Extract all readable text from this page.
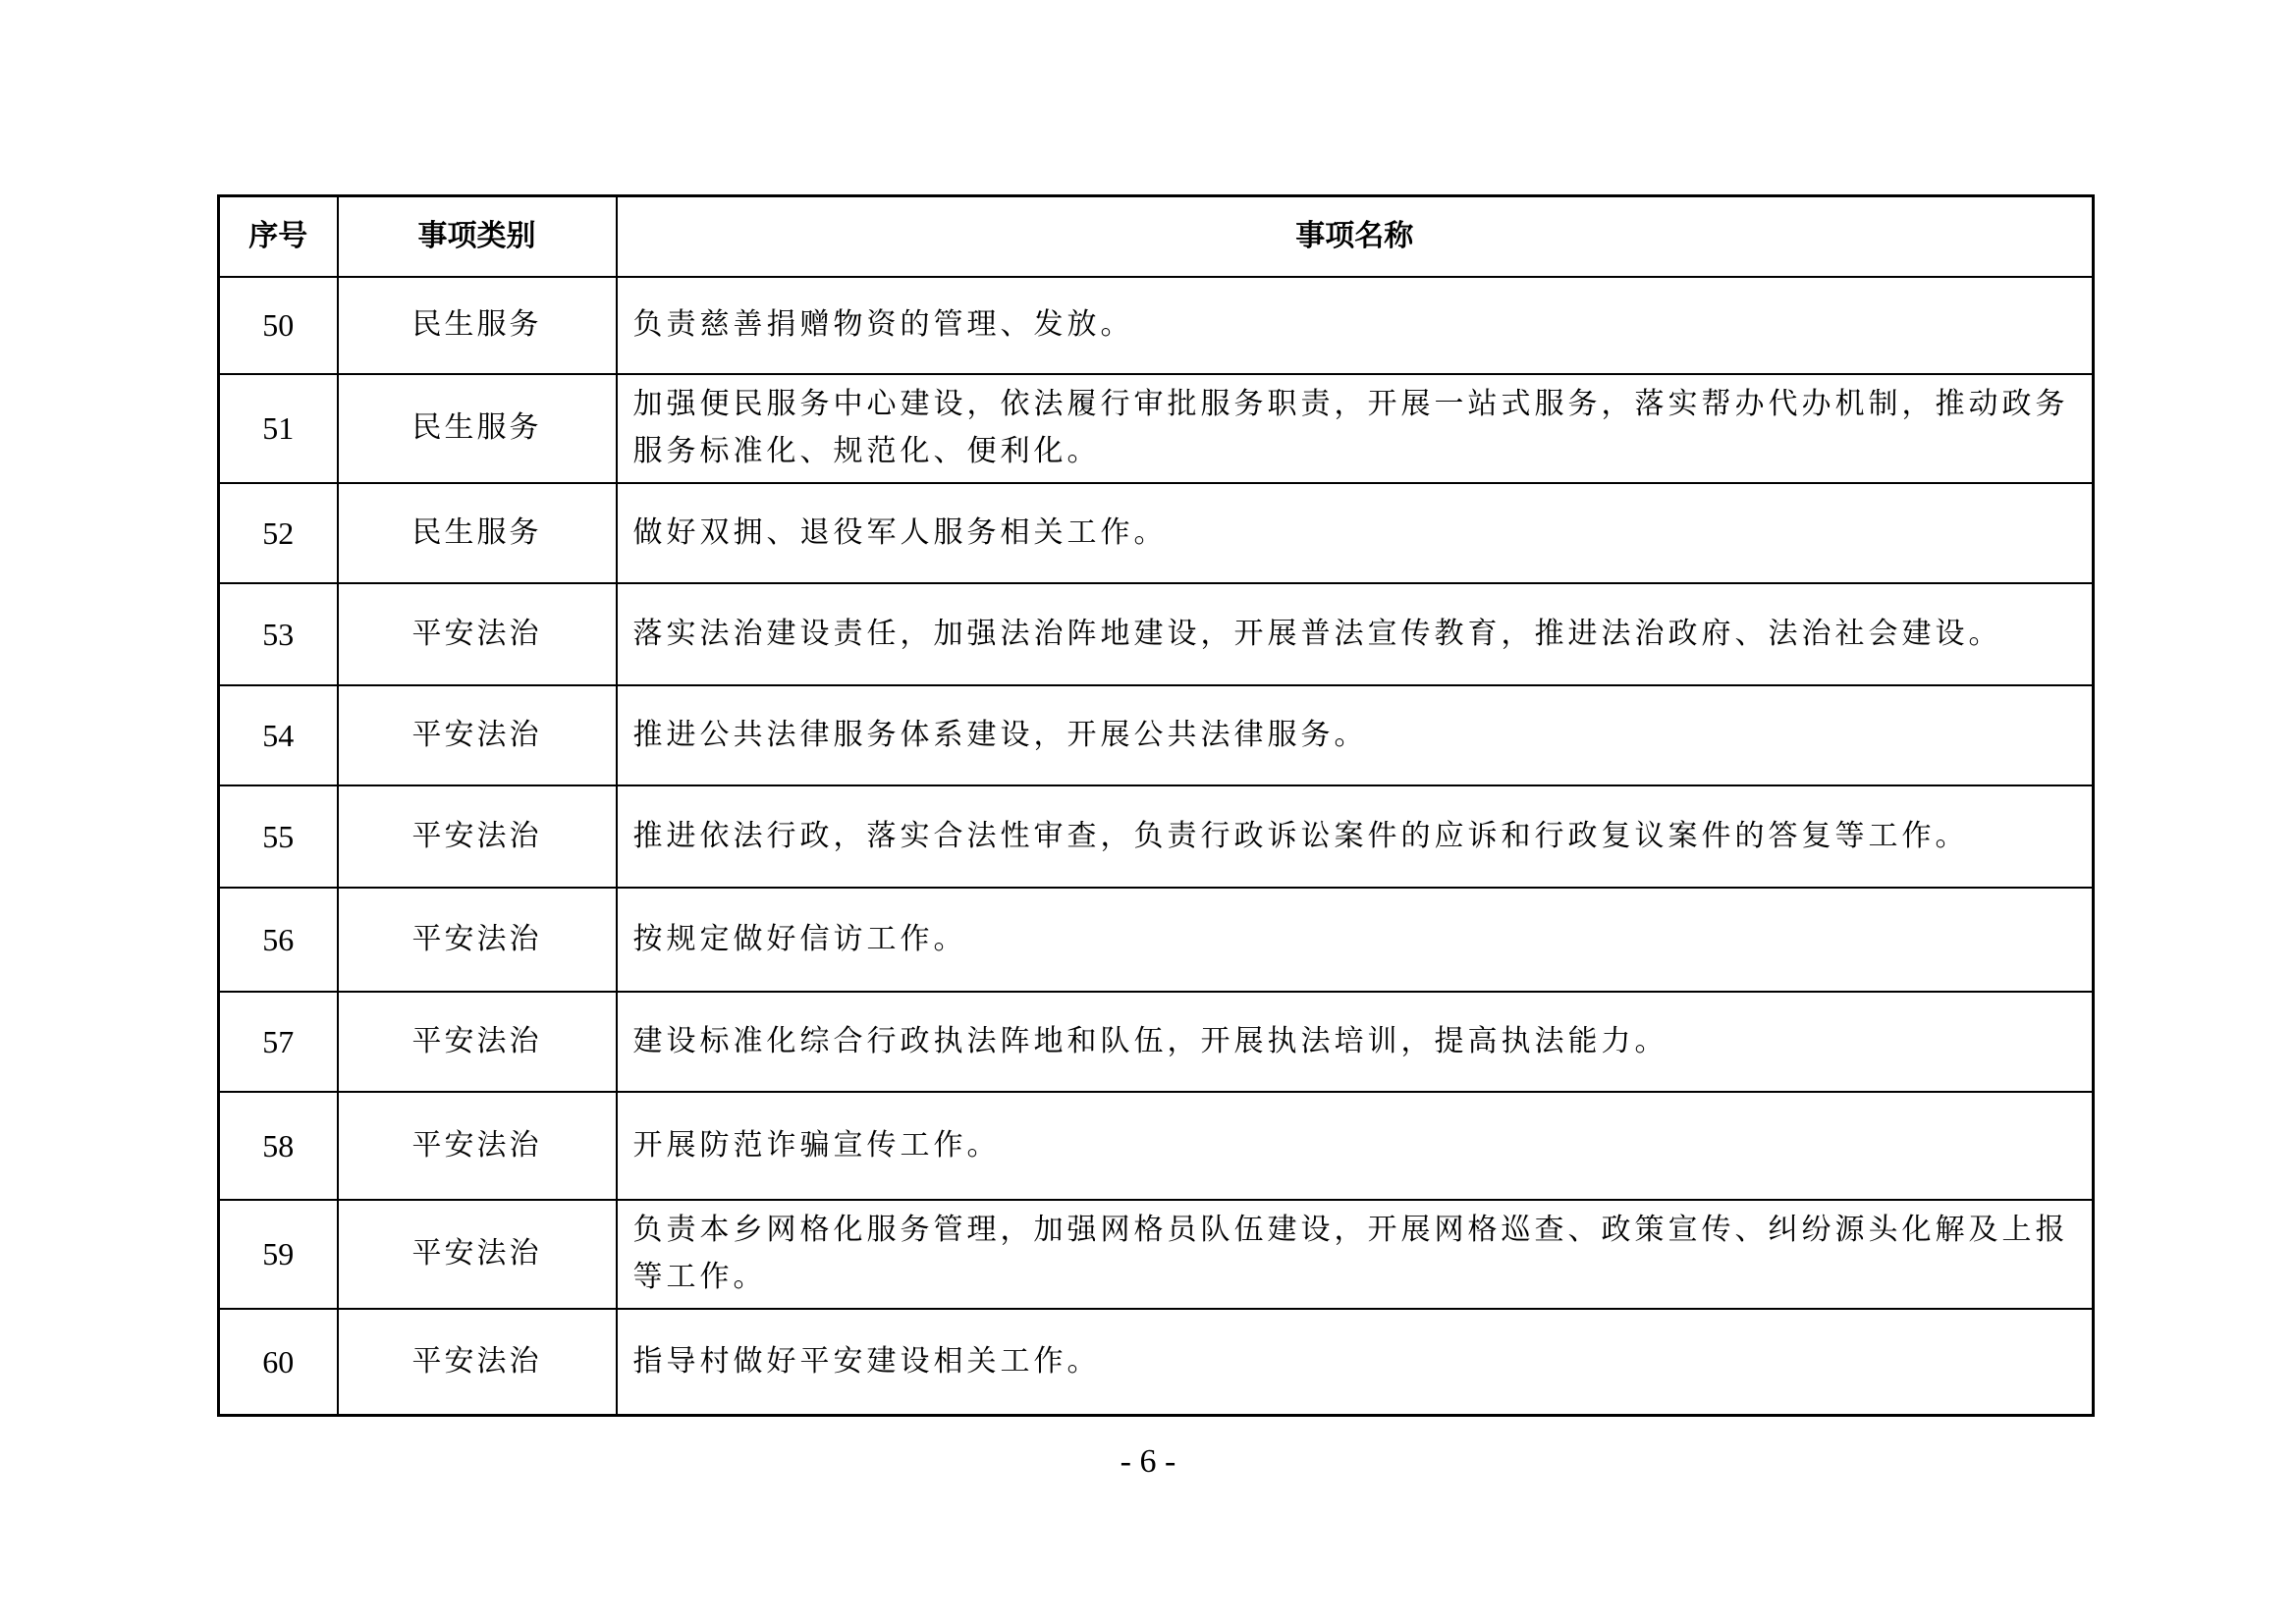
序号	事项类别	事项名称
50	民生服务	负责慈善捐赠物资的管理、发放。
51	民生服务	加强便民服务中心建设，依法履行审批服务职责，开展一站式服务，落实帮办代办机制，推动政务服务标准化、规范化、便利化。
52	民生服务	做好双拥、退役军人服务相关工作。
53	平安法治	落实法治建设责任，加强法治阵地建设，开展普法宣传教育，推进法治政府、法治社会建设。
54	平安法治	推进公共法律服务体系建设，开展公共法律服务。
55	平安法治	推进依法行政，落实合法性审查，负责行政诉讼案件的应诉和行政复议案件的答复等工作。
56	平安法治	按规定做好信访工作。
57	平安法治	建设标准化综合行政执法阵地和队伍，开展执法培训，提高执法能力。
58	平安法治	开展防范诈骗宣传工作。
59	平安法治	负责本乡网格化服务管理，加强网格员队伍建设，开展网格巡查、政策宣传、纠纷源头化解及上报等工作。
60	平安法治	指导村做好平安建设相关工作。
- 6 -
